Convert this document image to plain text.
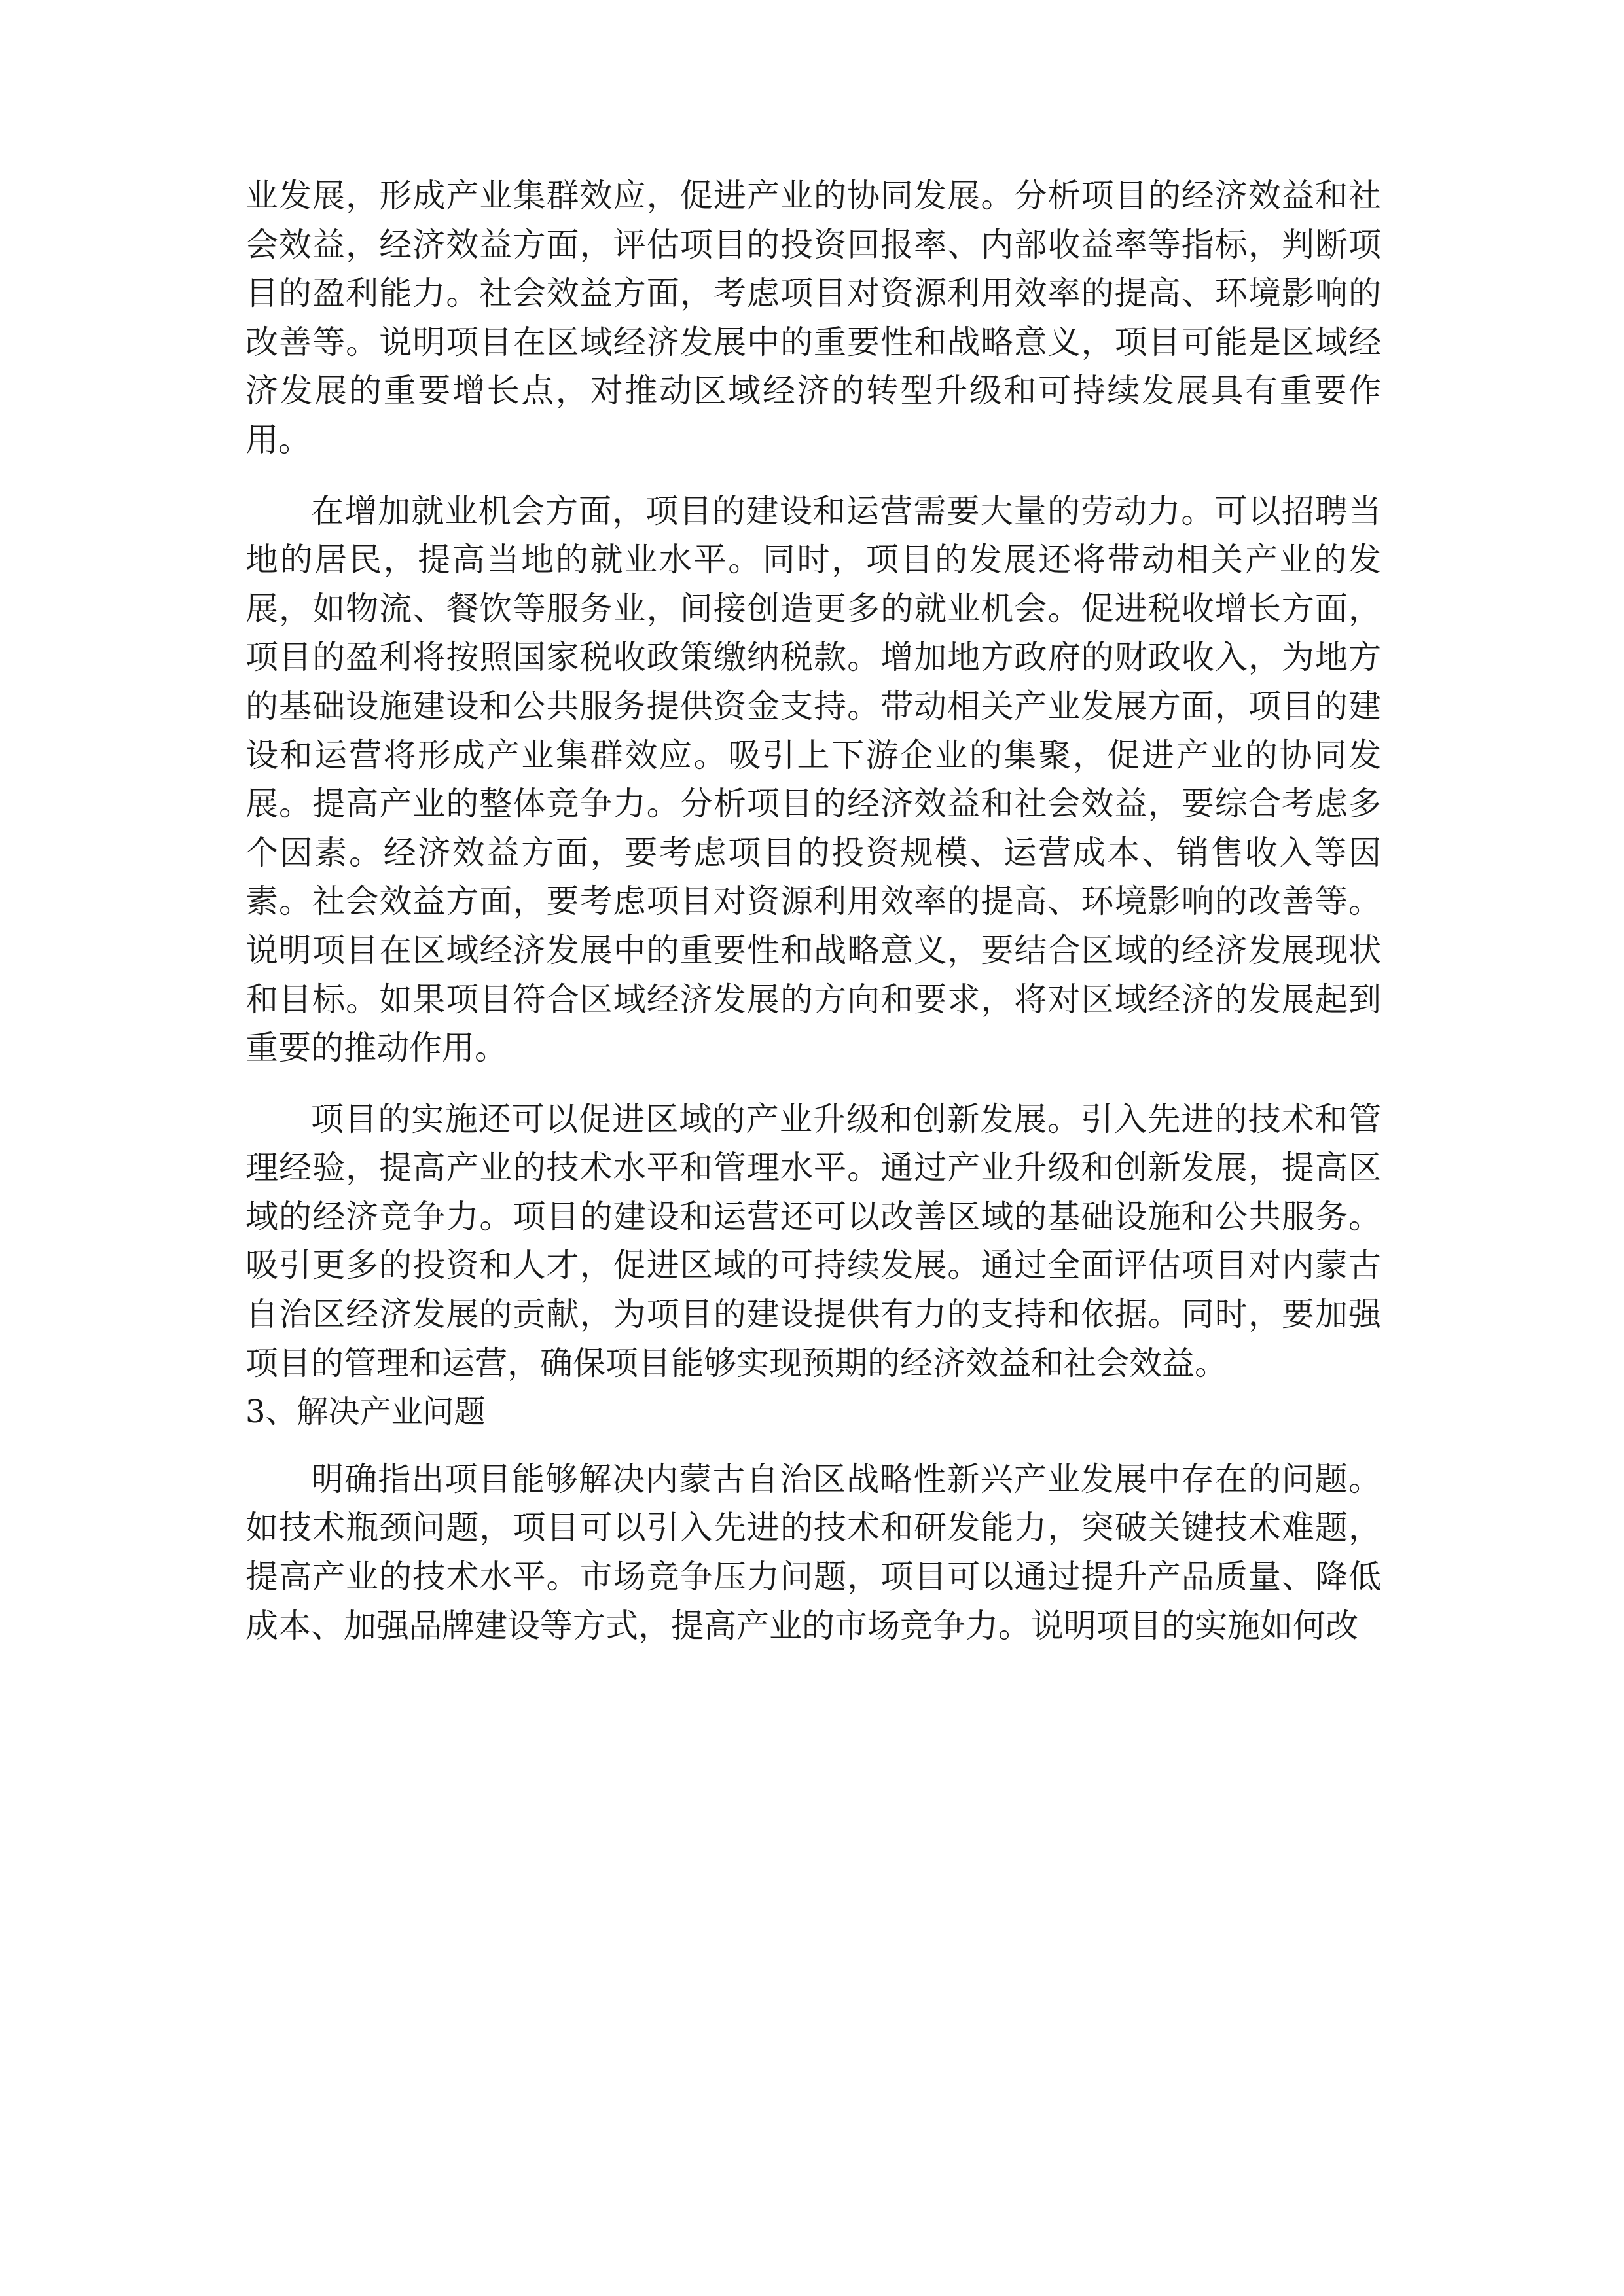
业发展，形成产业集群效应，促进产业的协同发展。分析项目的经济效益和社会效益，经济效益方面，评估项目的投资回报率、内部收益率等指标，判断项目的盈利能力。社会效益方面，考虑项目对资源利用效率的提高、环境影响的改善等。说明项目在区域经济发展中的重要性和战略意义，项目可能是区域经济发展的重要增长点，对推动区域经济的转型升级和可持续发展具有重要作用。

在增加就业机会方面，项目的建设和运营需要大量的劳动力。可以招聘当地的居民，提高当地的就业水平。同时，项目的发展还将带动相关产业的发展，如物流、餐饮等服务业，间接创造更多的就业机会。促进税收增长方面，项目的盈利将按照国家税收政策缴纳税款。增加地方政府的财政收入，为地方的基础设施建设和公共服务提供资金支持。带动相关产业发展方面，项目的建设和运营将形成产业集群效应。吸引上下游企业的集聚，促进产业的协同发展。提高产业的整体竞争力。分析项目的经济效益和社会效益，要综合考虑多个因素。经济效益方面，要考虑项目的投资规模、运营成本、销售收入等因素。社会效益方面，要考虑项目对资源利用效率的提高、环境影响的改善等。说明项目在区域经济发展中的重要性和战略意义，要结合区域的经济发展现状和目标。如果项目符合区域经济发展的方向和要求，将对区域经济的发展起到重要的推动作用。

项目的实施还可以促进区域的产业升级和创新发展。引入先进的技术和管理经验，提高产业的技术水平和管理水平。通过产业升级和创新发展，提高区域的经济竞争力。项目的建设和运营还可以改善区域的基础设施和公共服务。吸引更多的投资和人才，促进区域的可持续发展。通过全面评估项目对内蒙古自治区经济发展的贡献，为项目的建设提供有力的支持和依据。同时，要加强项目的管理和运营，确保项目能够实现预期的经济效益和社会效益。

3、解决产业问题

明确指出项目能够解决内蒙古自治区战略性新兴产业发展中存在的问题。如技术瓶颈问题，项目可以引入先进的技术和研发能力，突破关键技术难题，提高产业的技术水平。市场竞争压力问题，项目可以通过提升产品质量、降低成本、加强品牌建设等方式，提高产业的市场竞争力。说明项目的实施如何改
